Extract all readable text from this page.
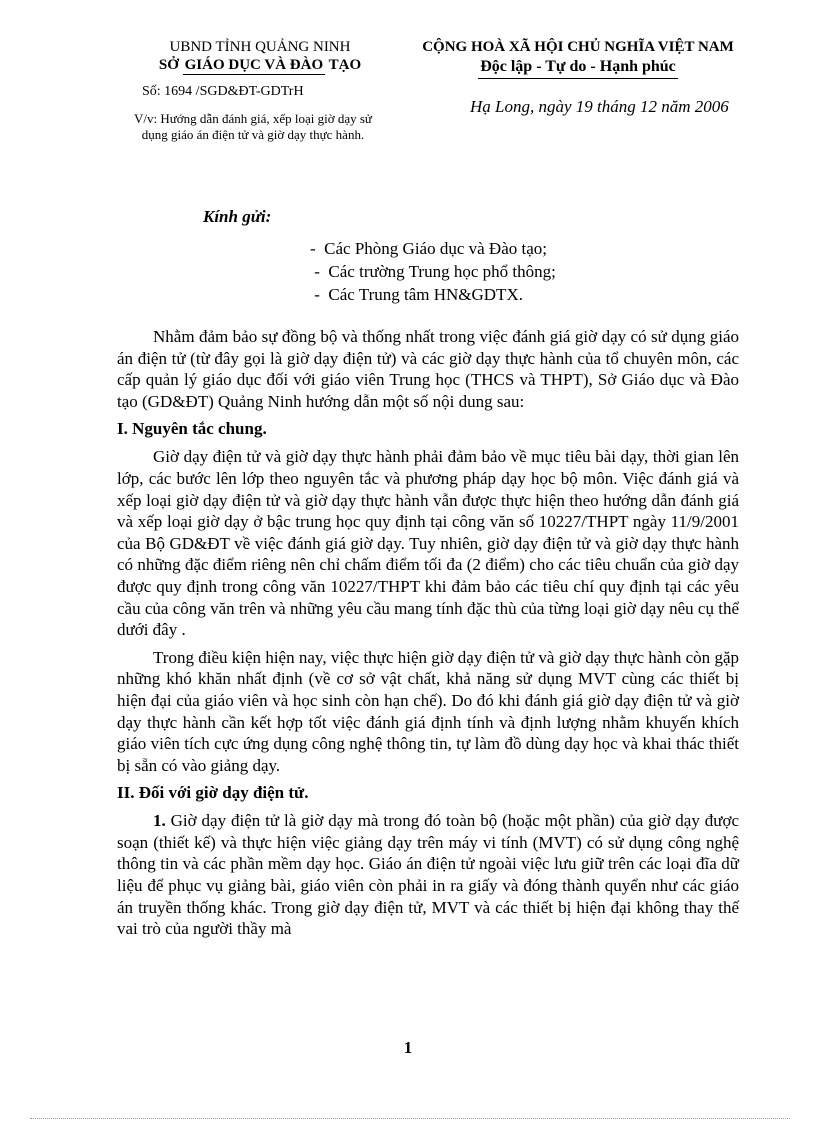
UBND TỈNH QUẢNG NINH
SỞ GIÁO DỤC VÀ ĐÀO TẠO
Số: 1694 /SGD&ĐT-GDTrH
V/v: Hướng dẫn đánh giá, xếp loại giờ dạy sử dụng giáo án điện tử và giờ dạy thực hành.
CỘNG HOÀ XÃ HỘI CHỦ NGHĨA VIỆT NAM
Độc lập - Tự do - Hạnh phúc
Hạ Long, ngày 19 tháng 12 năm 2006
Kính gửi:
-  Các Phòng Giáo dục và Đào tạo;
-  Các trường Trung học phổ thông;
-  Các Trung tâm HN&GDTX.

Nhằm đảm bảo sự đồng bộ và thống nhất trong việc đánh giá giờ dạy có sử dụng giáo án điện tử (từ đây gọi là giờ dạy điện tử) và các giờ dạy thực hành của tổ chuyên môn, các cấp quản lý giáo dục đối với giáo viên Trung học (THCS và THPT), Sở Giáo dục và Đào tạo (GD&ĐT) Quảng Ninh hướng dẫn một số nội dung sau:

I. Nguyên tắc chung.

Giờ dạy điện tử và giờ dạy thực hành phải đảm bảo về mục tiêu bài dạy, thời gian lên lớp, các bước lên lớp theo nguyên tắc và phương pháp dạy học bộ môn. Việc đánh giá và xếp loại giờ dạy điện tử và giờ dạy thực hành vẫn được thực hiện theo hướng dẫn đánh giá và xếp loại giờ dạy ở bậc trung học quy định tại công văn số 10227/THPT ngày 11/9/2001 của Bộ GD&ĐT về việc đánh giá giờ dạy. Tuy nhiên, giờ dạy điện tử và giờ dạy thực hành có những đặc điểm riêng nên chỉ chấm điểm tối đa (2 điểm) cho các tiêu chuẩn của giờ dạy được quy định trong công văn 10227/THPT khi đảm bảo các tiêu chí quy định tại các yêu cầu của công văn trên và những yêu cầu mang tính đặc thù của từng loại giờ dạy nêu cụ thể dưới đây .

Trong điều kiện hiện nay, việc thực hiện giờ dạy điện tử và giờ dạy thực hành còn gặp những khó khăn nhất định (về cơ sở vật chất, khả năng sử dụng MVT cùng các thiết bị hiện đại của giáo viên và học sinh còn hạn chế). Do đó khi đánh giá giờ dạy điện tử và giờ dạy thực hành cần kết hợp tốt việc đánh giá định tính và định lượng nhằm khuyến khích giáo viên tích cực ứng dụng công nghệ thông tin, tự làm đồ dùng dạy học và khai thác thiết bị sẵn có vào giảng dạy.

II. Đối với giờ dạy điện tử.

1. Giờ dạy điện tử là giờ dạy mà trong đó toàn bộ (hoặc một phần) của giờ dạy được soạn (thiết kế) và thực hiện việc giảng dạy trên máy vi tính (MVT) có sử dụng công nghệ thông tin và các phần mềm dạy học. Giáo án điện tử ngoài việc lưu giữ trên các loại đĩa dữ liệu để phục vụ giảng bài, giáo viên còn phải in ra giấy và đóng thành quyển như các giáo án truyền thống khác. Trong giờ dạy điện tử, MVT và các thiết bị hiện đại không thay thế vai trò của người thầy mà

1
